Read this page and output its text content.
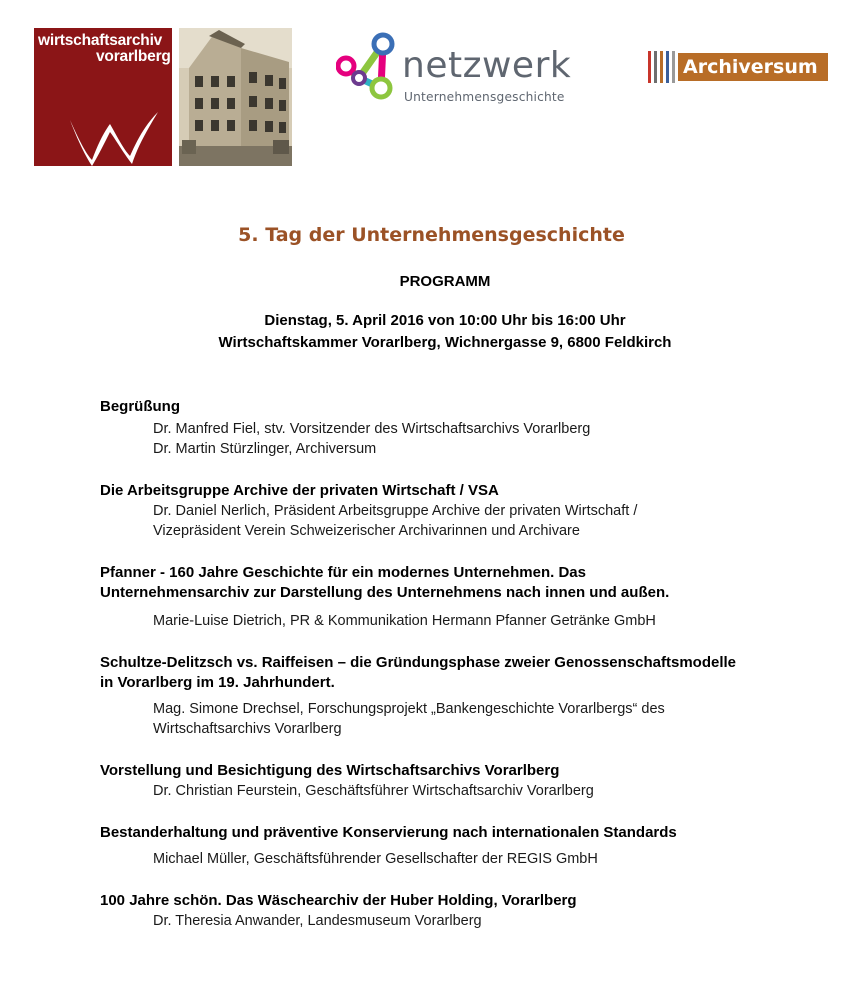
wirtschaftsarchiv
vorarlberg	netzwerk
Unternehmensgeschichte
Archiversum
5. Tag der Unternehmensgeschichte
PROGRAMM
Dienstag, 5. April 2016 von 10:00 Uhr bis 16:00 Uhr
Wirtschaftskammer Vorarlberg, Wichnergasse 9, 6800 Feldkirch

Begrüßung

Dr. Manfred Fiel, stv. Vorsitzender des Wirtschaftsarchivs Vorarlberg

Dr. Martin Stürzlinger, Archiversum

Die Arbeitsgruppe Archive der privaten Wirtschaft / VSA

Dr. Daniel Nerlich, Präsident Arbeitsgruppe Archive der privaten Wirtschaft /

Vizepräsident Verein Schweizerischer Archivarinnen und Archivare

Pfanner - 160 Jahre Geschichte für ein modernes Unternehmen. Das

Unternehmensarchiv zur Darstellung des Unternehmens nach innen und außen.

Marie-Luise Dietrich, PR & Kommunikation Hermann Pfanner Getränke GmbH

Schultze-Delitzsch vs. Raiffeisen – die Gründungsphase zweier Genossenschaftsmodelle

in Vorarlberg im 19. Jahrhundert.

Mag. Simone Drechsel, Forschungsprojekt „Bankengeschichte Vorarlbergs“ des

Wirtschaftsarchivs Vorarlberg

Vorstellung und Besichtigung des Wirtschaftsarchivs Vorarlberg

Dr. Christian Feurstein, Geschäftsführer Wirtschaftsarchiv Vorarlberg

Bestanderhaltung und präventive Konservierung nach internationalen Standards

Michael Müller, Geschäftsführender Gesellschafter der REGIS GmbH

100 Jahre schön. Das Wäschearchiv der Huber Holding, Vorarlberg

Dr. Theresia Anwander, Landesmuseum Vorarlberg
